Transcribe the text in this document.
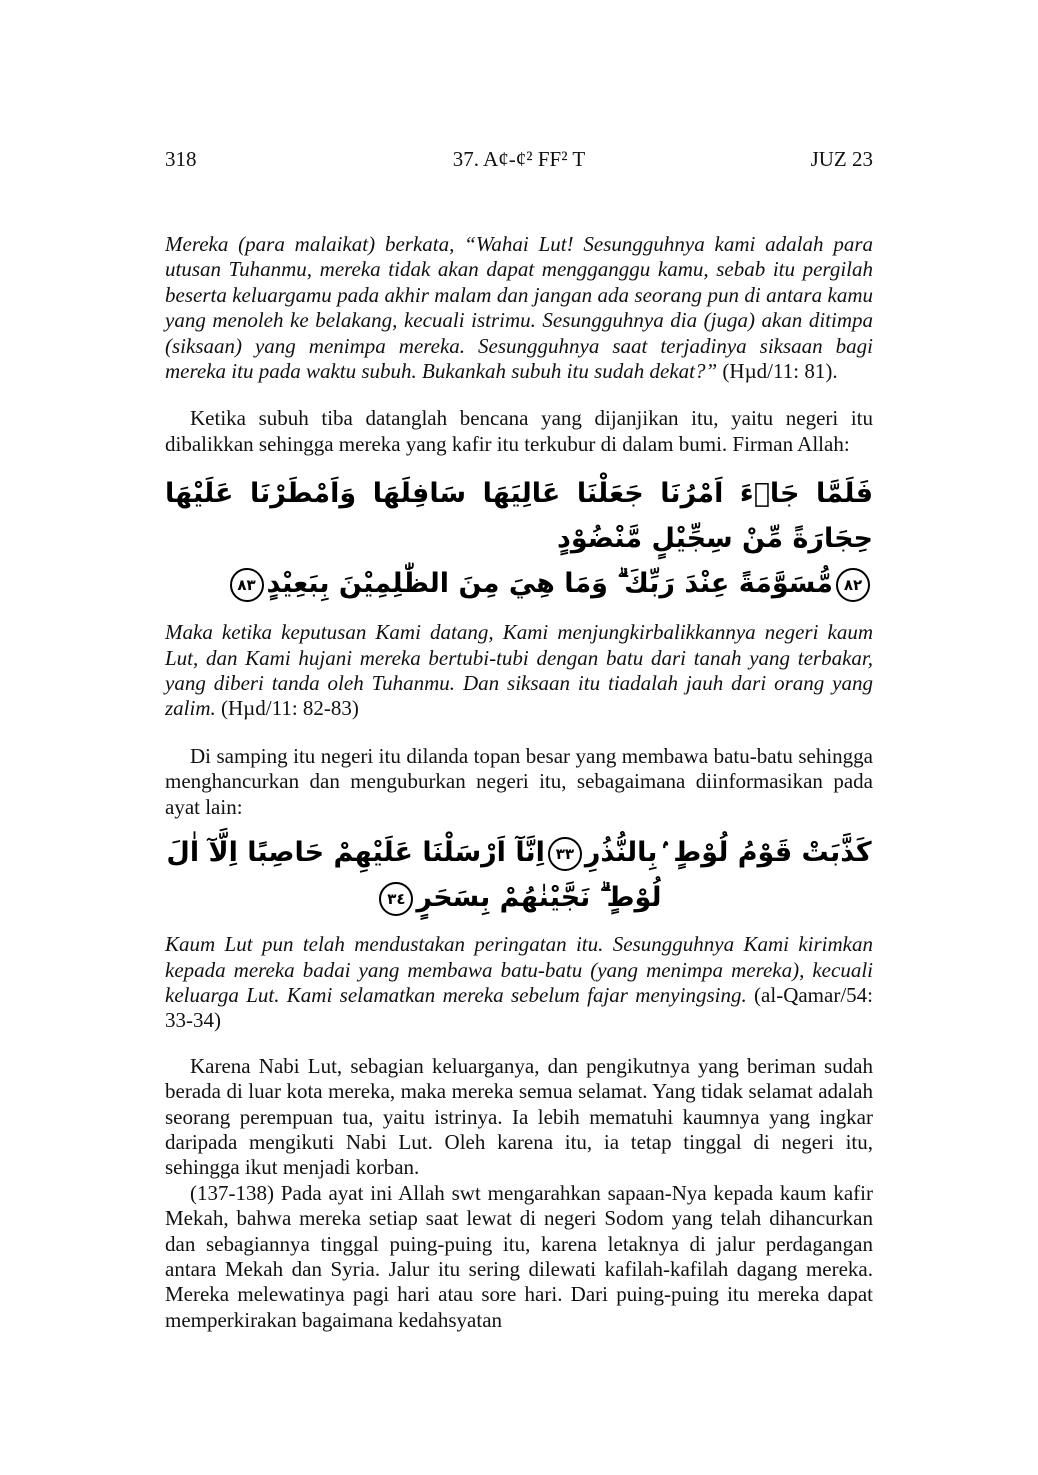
318	37. A¢-¢² FF² T	JUZ 23

Mereka (para malaikat) berkata, “Wahai Lut! Sesungguhnya kami adalah para utusan Tuhanmu, mereka tidak akan dapat mengganggu kamu, sebab itu pergilah beserta keluargamu pada akhir malam dan jangan ada seorang pun di antara kamu yang menoleh ke belakang, kecuali istrimu. Sesungguhnya dia (juga) akan ditimpa (siksaan) yang menimpa mereka. Sesungguhnya saat terjadinya siksaan bagi mereka itu pada waktu subuh. Bukankah subuh itu sudah dekat?” (Hµd/11: 81).

Ketika subuh tiba datanglah bencana yang dijanjikan itu, yaitu negeri itu dibalikkan sehingga mereka yang kafir itu terkubur di dalam bumi. Firman Allah:

فَلَمَّا جَاۤءَ اَمْرُنَا جَعَلْنَا عَالِيَهَا سَافِلَهَا وَاَمْطَرْنَا عَلَيْهَا حِجَارَةً مِّنْ سِجِّيْلٍ مَّنْضُوْدٍ
٨٢مُّسَوَّمَةً عِنْدَ رَبِّكَ ۗ وَمَا هِيَ مِنَ الظّٰلِمِيْنَ بِبَعِيْدٍ٨٣

Maka ketika keputusan Kami datang, Kami menjungkirbalikkannya negeri kaum Lut, dan Kami hujani mereka bertubi-tubi dengan batu dari tanah yang terbakar, yang diberi tanda oleh Tuhanmu. Dan siksaan itu tiadalah jauh dari orang yang zalim. (Hµd/11: 82-83)

Di samping itu negeri itu dilanda topan besar yang membawa batu-batu sehingga menghancurkan dan menguburkan negeri itu, sebagaimana diinformasikan pada ayat lain:

كَذَّبَتْ قَوْمُ لُوْطٍ ۢبِالنُّذُرِ٣٣اِنَّآ اَرْسَلْنَا عَلَيْهِمْ حَاصِبًا اِلَّآ اٰلَ لُوْطٍ ۗ نَجَّيْنٰهُمْ بِسَحَرٍ٣٤

Kaum Lut pun telah mendustakan peringatan itu. Sesungguhnya Kami kirimkan kepada mereka badai yang membawa batu-batu (yang menimpa mereka), kecuali keluarga Lut. Kami selamatkan mereka sebelum fajar menyingsing. (al-Qamar/54: 33-34)

Karena Nabi Lut, sebagian keluarganya, dan pengikutnya yang beriman sudah berada di luar kota mereka, maka mereka semua selamat. Yang tidak selamat adalah seorang perempuan tua, yaitu istrinya. Ia lebih mematuhi kaumnya yang ingkar daripada mengikuti Nabi Lut. Oleh karena itu, ia tetap tinggal di negeri itu, sehingga ikut menjadi korban.

(137-138) Pada ayat ini Allah swt mengarahkan sapaan-Nya kepada kaum kafir Mekah, bahwa mereka setiap saat lewat di negeri Sodom yang telah dihancurkan dan sebagiannya tinggal puing-puing itu, karena letaknya di jalur perdagangan antara Mekah dan Syria. Jalur itu sering dilewati kafilah-kafilah dagang mereka. Mereka melewatinya pagi hari atau sore hari. Dari puing-puing itu mereka dapat memperkirakan bagaimana kedahsyatan
